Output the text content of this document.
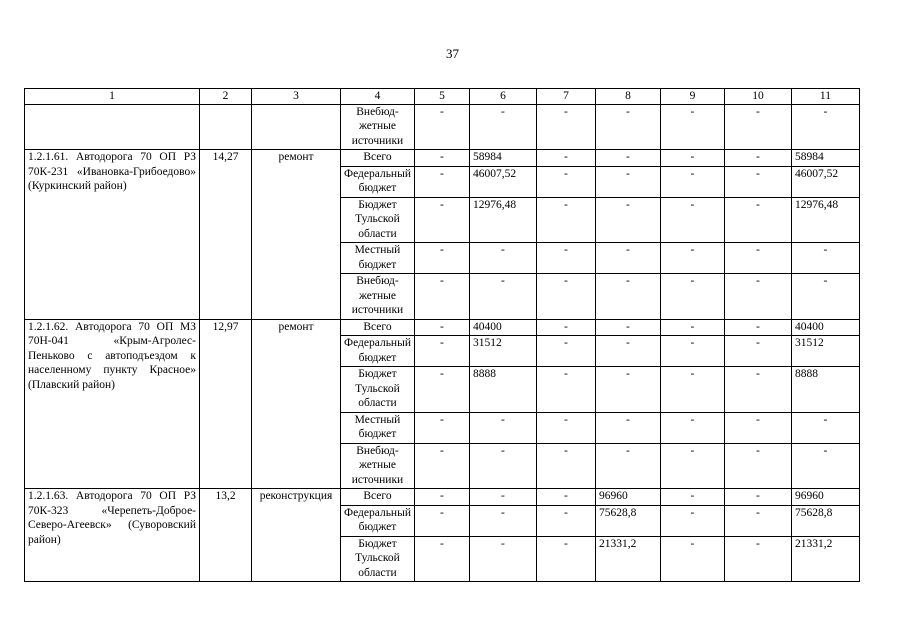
37
1	2	3	4	5	6	7	8	9	10	11
			Внебюд-жетные источники	-	-	-	-	-	-	-
1.2.1.61. Автодорога 70 ОП РЗ 70К-231 «Ивановка-Грибоедово» (Куркинский район)	14,27	ремонт	Всего	-	58984	-	-	-	-	58984
			Федеральный бюджет	-	46007,52	-	-	-	-	46007,52
			Бюджет Тульской области	-	12976,48	-	-	-	-	12976,48
			Местный бюджет	-	-	-	-	-	-	-
			Внебюд-жетные источники	-	-	-	-	-	-	-
1.2.1.62. Автодорога 70 ОП МЗ 70Н-041 «Крым-Агролес-Пеньково с автоподъездом к населенному пункту Красное» (Плавский район)	12,97	ремонт	Всего	-	40400	-	-	-	-	40400
			Федеральный бюджет	-	31512	-	-	-	-	31512
			Бюджет Тульской области	-	8888	-	-	-	-	8888
			Местный бюджет	-	-	-	-	-	-	-
			Внебюд-жетные источники	-	-	-	-	-	-	-
1.2.1.63. Автодорога 70 ОП РЗ 70К-323 «Черепеть-Доброе-Северо-Агеевск» (Суворовский район)	13,2	реконструкция	Всего	-	-	-	96960	-	-	96960
			Федеральный бюджет	-	-	-	75628,8	-	-	75628,8
			Бюджет Тульской области	-	-	-	21331,2	-	-	21331,2
